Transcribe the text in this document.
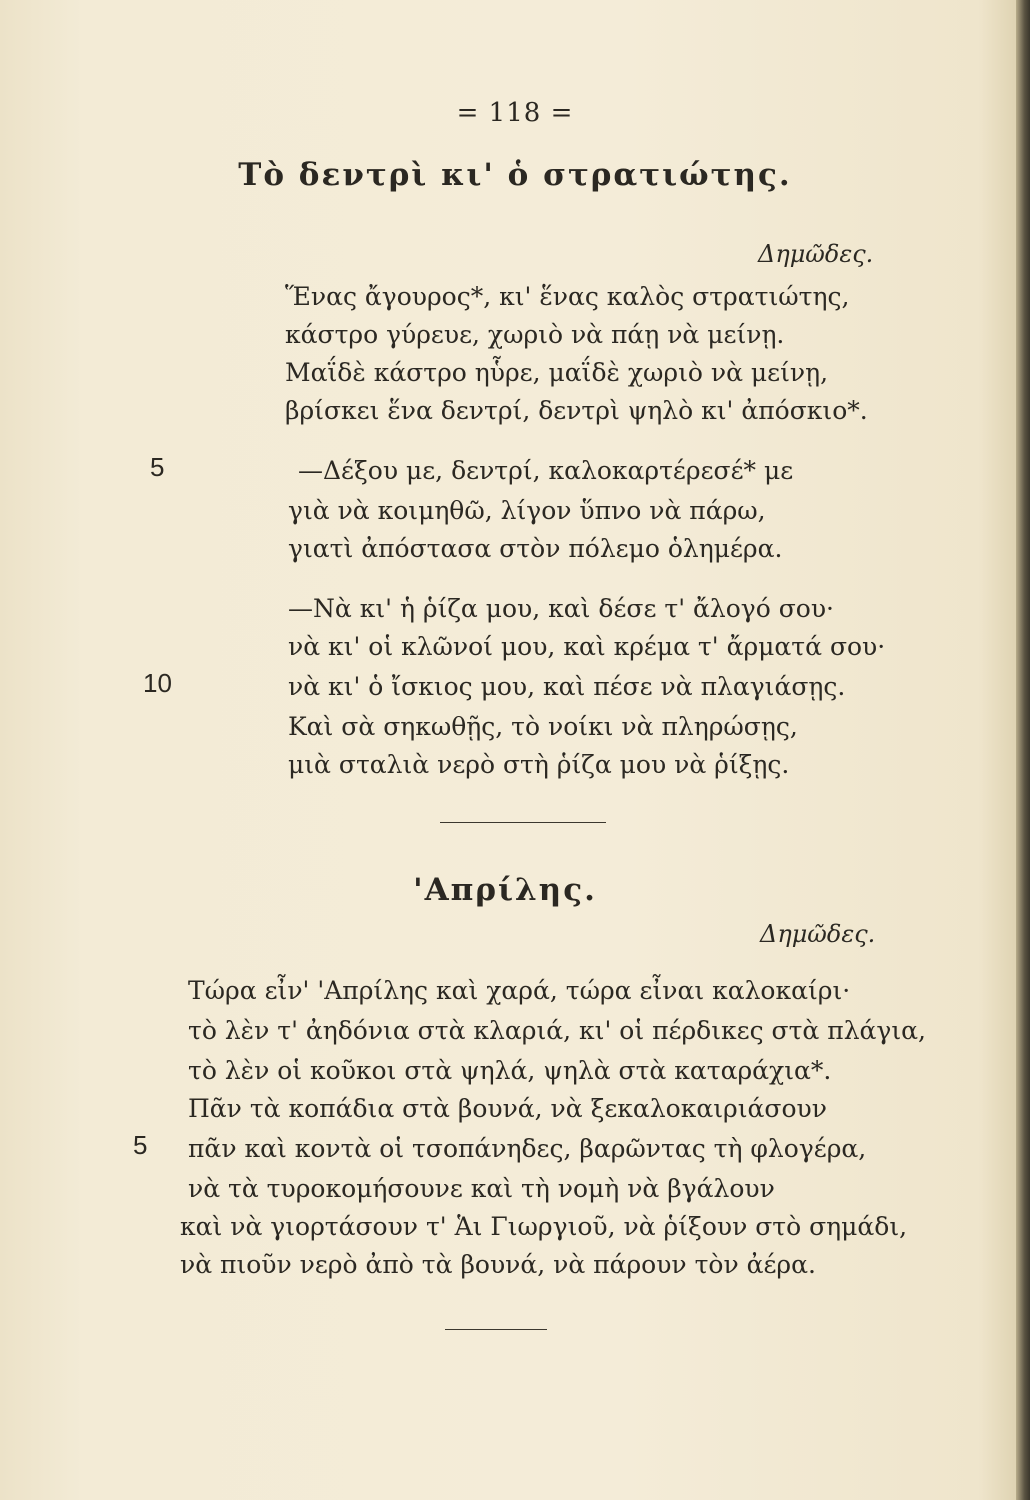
= 118 =
Τὸ δεντρὶ κι' ὁ στρατιώτης.
Δημῶδες.
Ἕνας ἄγουρος*, κι' ἕνας καλὸς στρατιώτης,
κάστρο γύρευε, χωριὸ νὰ πάῃ νὰ μείνῃ.
Μαΐδὲ κάστρο ηὗρε, μαΐδὲ χωριὸ νὰ μείνῃ,
βρίσκει ἕνα δεντρί, δεντρὶ ψηλὸ κι' ἀπόσκιο*.
5	—Δέξου με, δεντρί, καλοκαρτέρεσέ* με
γιὰ νὰ κοιμηθῶ, λίγον ὕπνο νὰ πάρω,
γιατὶ ἀπόστασα στὸν πόλεμο ὁλημέρα.
—Νὰ κι' ἡ ῥίζα μου, καὶ δέσε τ' ἄλογό σου·
νὰ κι' οἱ κλῶνοί μου, καὶ κρέμα τ' ἄρματά σου·
10	νὰ κι' ὁ ἴσκιος μου, καὶ πέσε νὰ πλαγιάσῃς.
Καὶ σὰ σηκωθῇς, τὸ νοίκι νὰ πληρώσῃς,
μιὰ σταλιὰ νερὸ στὴ ῥίζα μου νὰ ῥίξῃς.
'Απρίλης.
Δημῶδες.
Τώρα εἶν' 'Απρίλης καὶ χαρά, τώρα εἶναι καλοκαίρι·
τὸ λὲν τ' ἀηδόνια στὰ κλαριά, κι' οἱ πέρδικες στὰ πλάγια,
τὸ λὲν οἱ κοῦκοι στὰ ψηλά, ψηλὰ στὰ καταράχια*.
Πᾶν τὰ κοπάδια στὰ βουνά, νὰ ξεκαλοκαιριάσουν
5 πᾶν καὶ κοντὰ οἱ τσοπάνηδες, βαρῶντας τὴ φλογέρα,
νὰ τὰ τυροκομήσουνε καὶ τὴ νομὴ νὰ βγάλουν
καὶ νὰ γιορτάσουν τ' Ἁι Γιωργιοῦ, νὰ ῥίξουν στὸ σημάδι,
νὰ πιοῦν νερὸ ἀπὸ τὰ βουνά, νὰ πάρουν τὸν ἀέρα.
